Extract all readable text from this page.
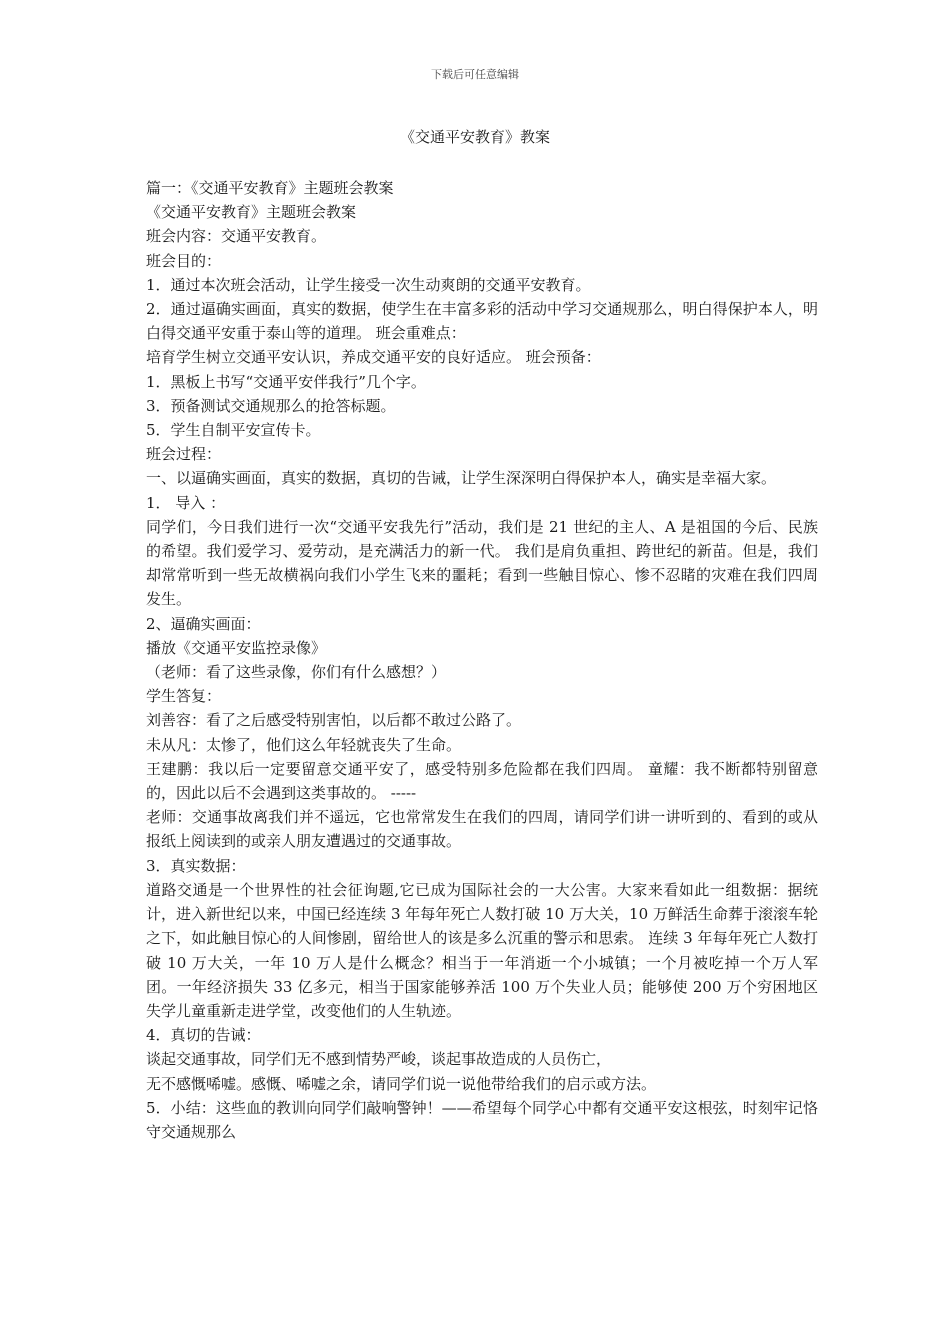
下载后可任意编辑
《交通平安教育》教案

篇一：《交通平安教育》主题班会教案

《交通平安教育》主题班会教案

班会内容：交通平安教育。

班会目的：

1．通过本次班会活动，让学生接受一次生动爽朗的交通平安教育。

2．通过逼确实画面，真实的数据，使学生在丰富多彩的活动中学习交通规那么，明白得保护本人，明白得交通平安重于泰山等的道理。 班会重难点：

培育学生树立交通平安认识，养成交通平安的良好适应。 班会预备：

1．黑板上书写“交通平安伴我行”几个字。

3．预备测试交通规那么的抢答标题。

5．学生自制平安宣传卡。

班会过程：

一、以逼确实画面，真实的数据，真切的告诫，让学生深深明白得保护本人，确实是幸福大家。

1． 导入 ：

同学们，今日我们进行一次“交通平安我先行”活动，我们是 21 世纪的主人、A 是祖国的今后、民族的希望。我们爱学习、爱劳动，是充满活力的新一代。 我们是肩负重担、跨世纪的新苗。但是，我们却常常听到一些无故横祸向我们小学生飞来的噩耗；看到一些触目惊心、惨不忍睹的灾难在我们四周发生。

2、逼确实画面：

播放《交通平安监控录像》

（老师：看了这些录像，你们有什么感想？）

学生答复：

刘善容：看了之后感受特别害怕，以后都不敢过公路了。

未从凡：太惨了，他们这么年轻就丧失了生命。

王建鹏：我以后一定要留意交通平安了，感受特别多危险都在我们四周。 童耀：我不断都特别留意的，因此以后不会遇到这类事故的。 -----

老师：交通事故离我们并不遥远，它也常常发生在我们的四周，请同学们讲一讲听到的、看到的或从报纸上阅读到的或亲人朋友遭遇过的交通事故。

3．真实数据：

道路交通是一个世界性的社会征询题,它已成为国际社会的一大公害。大家来看如此一组数据：据统计，进入新世纪以来，中国已经连续 3 年每年死亡人数打破 10 万大关，10 万鲜活生命葬于滚滚车轮之下，如此触目惊心的人间惨剧，留给世人的该是多么沉重的警示和思索。 连续 3 年每年死亡人数打破 10 万大关，一年 10 万人是什么概念？相当于一年消逝一个小城镇；一个月被吃掉一个万人军团。一年经济损失 33 亿多元，相当于国家能够养活 100 万个失业人员；能够使 200 万个穷困地区失学儿童重新走进学堂，改变他们的人生轨迹。

4．真切的告诫：

谈起交通事故，同学们无不感到情势严峻，谈起事故造成的人员伤亡，

无不感慨唏嘘。感慨、唏嘘之余，请同学们说一说他带给我们的启示或方法。

5．小结：这些血的教训向同学们敲响警钟！——希望每个同学心中都有交通平安这根弦，时刻牢记恪守交通规那么
